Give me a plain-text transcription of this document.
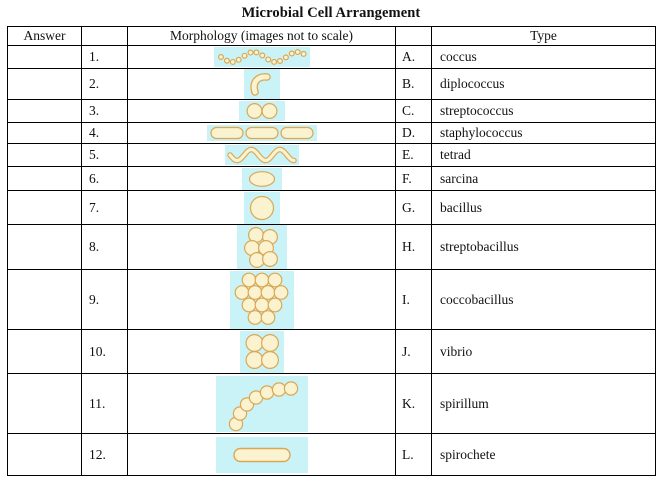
Microbial Cell Arrangement
Answer		Morphology (images not to scale)		Type
	1.		A.	coccus
	2.		B.	diplococcus
	3.		C.	streptococcus
	4.		D.	staphylococcus
	5.		E.	tetrad
	6.		F.	sarcina
	7.		G.	bacillus
	8.		H.	streptobacillus
	9.		I.	coccobacillus
	10.		J.	vibrio
	11.		K.	spirillum
	12.		L.	spirochete
